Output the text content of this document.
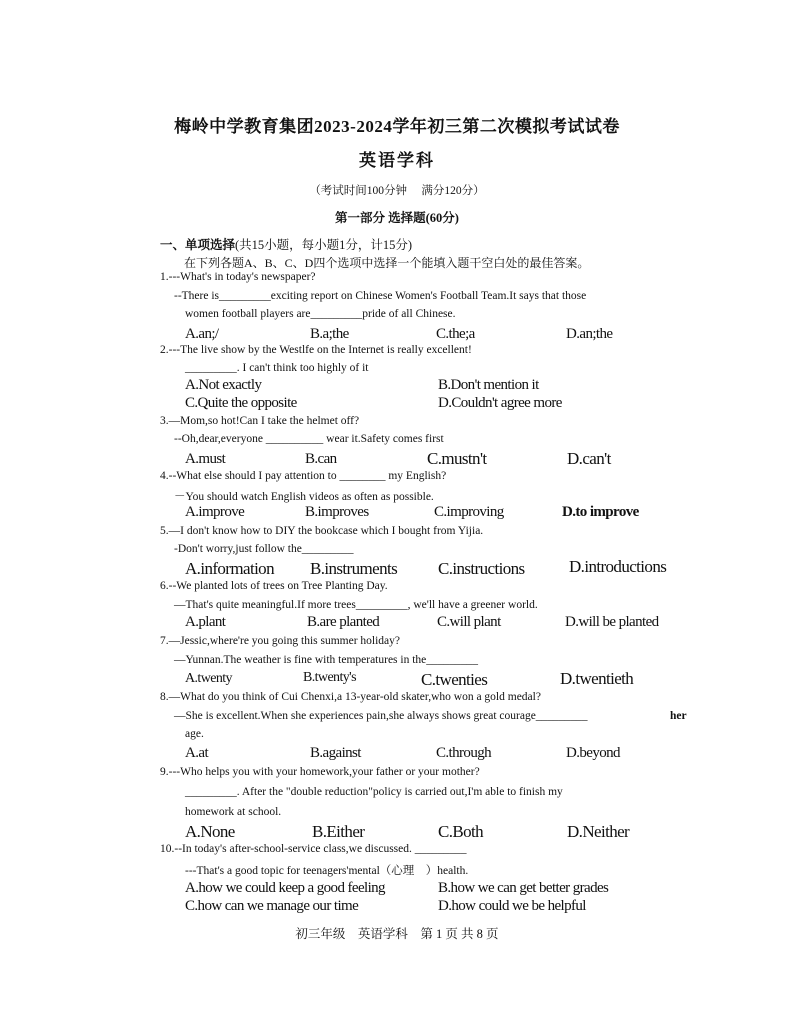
梅岭中学教育集团2023-2024学年初三第二次模拟考试试卷
英语学科
（考试时间100分钟　 满分120分）
第一部分 选择题(60分)
一、单项选择(共15小题，每小题1分，计15分)
在下列各题A、B、C、D四个选项中选择一个能填入题干空白处的最佳答案。
1.---What's in today's newspaper?
--There is_________exciting report on Chinese Women's Football Team.It says that those
women football players are_________pride of all Chinese.
A.an;/	B.a;the	C.the;a	D.an;the
2.---The live show by the Westlfe on the Internet is really excellent!
_________. I can't think too highly of it
A.Not exactly	B.Don't mention it
C.Quite the opposite	D.Couldn't agree more
3.—Mom,so hot!Can I take the helmet off?
--Oh,dear,everyone __________ wear it.Safety comes first
A.must	B.can	C.mustn't	D.can't
4.--What else should I pay attention to ________ my English?
－You should watch English videos as often as possible.
A.improve	B.improves	C.improving	D.to improve
5.—I don't know how to DIY the bookcase which I bought from Yijia.
-Don't worry,just follow the_________
A.information B.instruments C.instructions	D.introductions
6.--We planted lots of trees on Tree Planting Day.
—That's quite meaningful.If more trees_________, we'll have a greener world.
A.plant	B.are planted	C.will plant	D.will be planted
7.—Jessic,where're you going this summer holiday?
—Yunnan.The weather is fine with temperatures in the_________
A.twenty	B.twenty's	C.twenties	D.twentieth
8.—What do you think of Cui Chenxi,a 13-year-old skater,who won a gold medal?
—She is excellent.When she experiences pain,she always shows great courage_________	her
age.
A.at	B.against	C.through	D.beyond
9.---Who helps you with your homework,your father or your mother?
_________. After the "double reduction"policy is carried out,I'm able to finish my
homework at school.
A.None	B.Either	C.Both	D.Neither
10.--In today's after-school-service class,we discussed. _________
---That's a good topic for teenagers'mental（心理　）health.
A.how we could keep a good feeling	B.how we can get better grades
C.how can we manage our time	D.how could we be helpful
初三年级　英语学科　第 1 页 共 8 页
